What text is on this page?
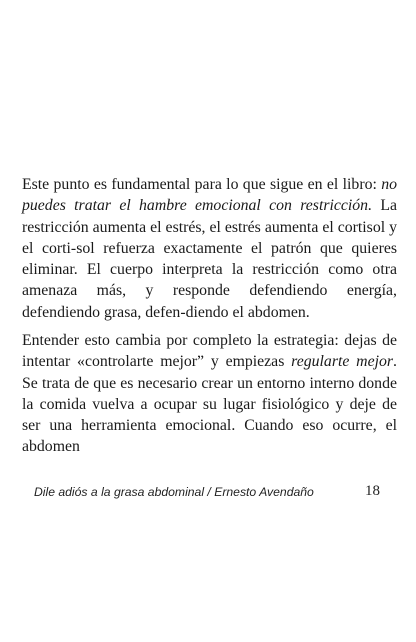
Este punto es fundamental para lo que sigue en el libro: no puedes tratar el hambre emocional con restricción. La restricción aumenta el estrés, el estrés aumenta el cortisol y el corti-sol refuerza exactamente el patrón que quieres eliminar. El cuerpo interpreta la restricción como otra amenaza más, y responde defendiendo energía, defendiendo grasa, defen-diendo el abdomen.

Entender esto cambia por completo la estrategia: dejas de intentar «controlarte mejor” y empiezas regularte mejor. Se trata de que es necesario crear un entorno interno donde la comida vuelva a ocupar su lugar fisiológico y deje de ser una herramienta emocional. Cuando eso ocurre, el abdomen

Dile adiós a la grasa abdominal / Ernesto Avendaño	18
